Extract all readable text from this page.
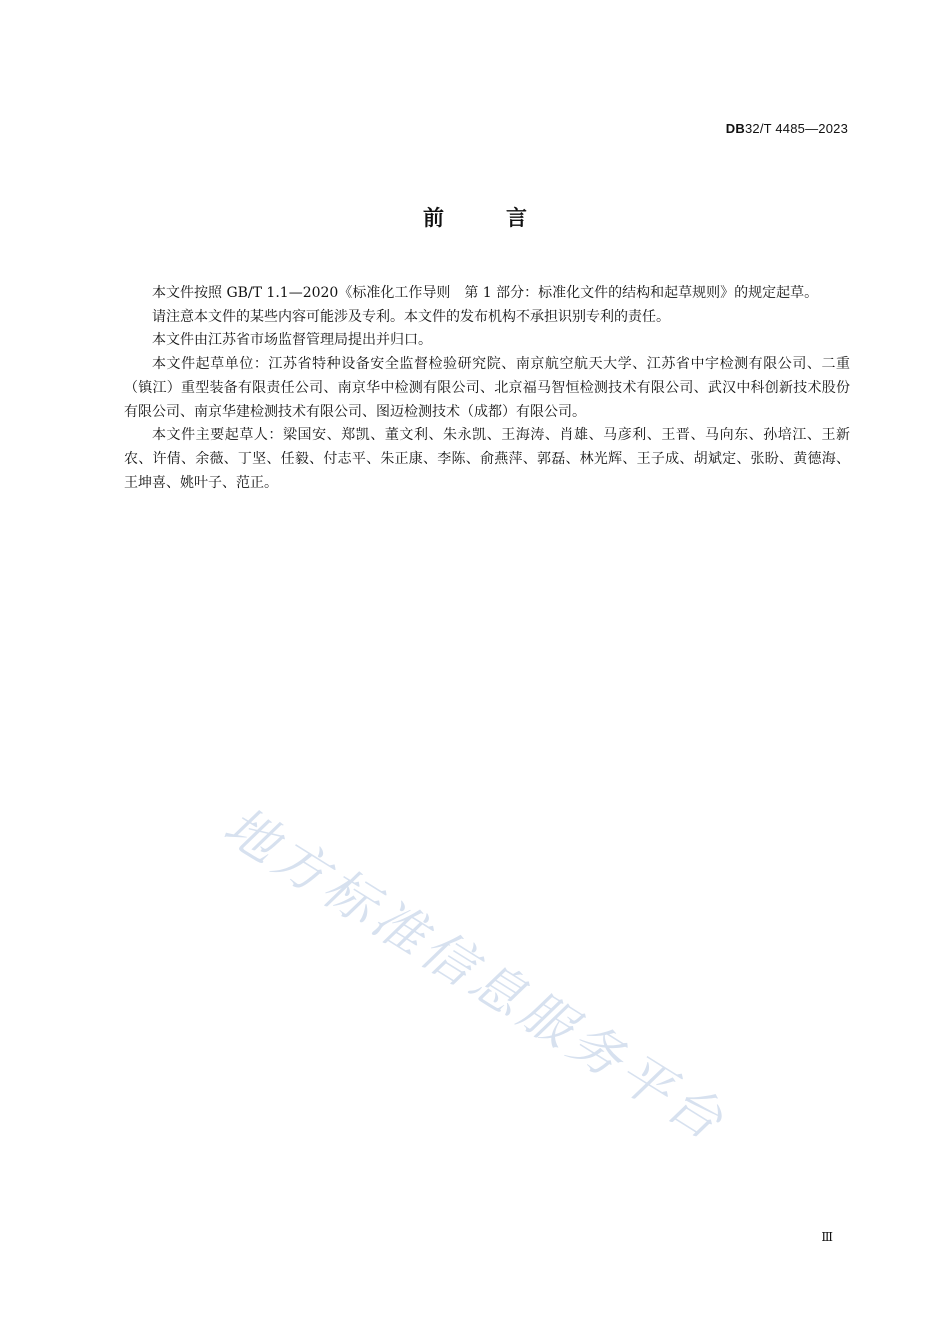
DB32/T 4485—2023
前言

本文件按照 GB/T 1.1—2020《标准化工作导则　第 1 部分：标准化文件的结构和起草规则》的规定起草。

请注意本文件的某些内容可能涉及专利。本文件的发布机构不承担识别专利的责任。

本文件由江苏省市场监督管理局提出并归口。

本文件起草单位：江苏省特种设备安全监督检验研究院、南京航空航天大学、江苏省中宇检测有限公司、二重（镇江）重型装备有限责任公司、南京华中检测有限公司、北京福马智恒检测技术有限公司、武汉中科创新技术股份有限公司、南京华建检测技术有限公司、图迈检测技术（成都）有限公司。

本文件主要起草人：梁国安、郑凯、董文利、朱永凯、王海涛、肖雄、马彦利、王晋、马向东、孙培江、王新农、许倩、余薇、丁坚、任毅、付志平、朱正康、李陈、俞燕萍、郭磊、林光辉、王子成、胡斌定、张盼、黄德海、王坤喜、姚叶子、范正。

地方标准信息服务平台
Ⅲ
